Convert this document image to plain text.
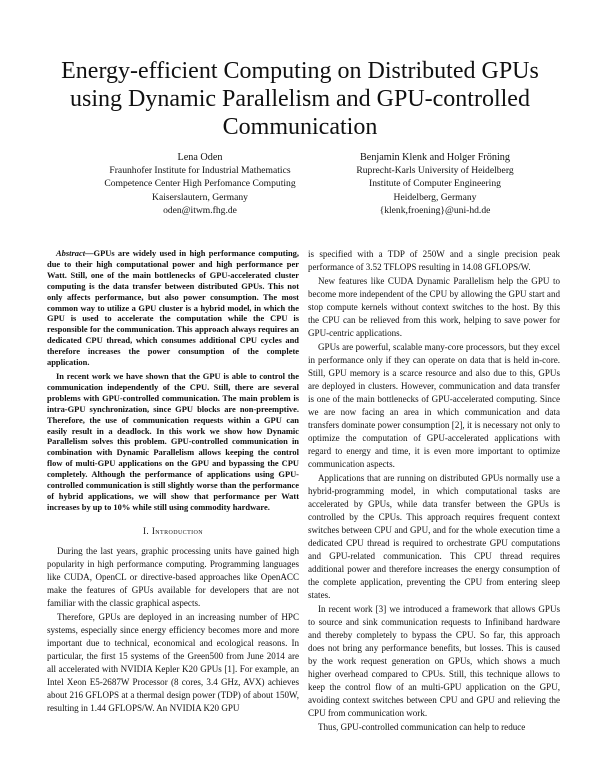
Energy-efficient Computing on Distributed GPUs using Dynamic Parallelism and GPU-controlled Communication
Lena Oden
Fraunhofer Institute for Industrial Mathematics
Competence Center High Perfomance Computing
Kaiserslautern, Germany
oden@itwm.fhg.de
Benjamin Klenk and Holger Fröning
Ruprecht-Karls University of Heidelberg
Institute of Computer Engineering
Heidelberg, Germany
{klenk,froening}@uni-hd.de

Abstract—GPUs are widely used in high performance computing, due to their high computational power and high performance per Watt. Still, one of the main bottlenecks of GPU-accelerated cluster computing is the data transfer between distributed GPUs. This not only affects performance, but also power consumption. The most common way to utilize a GPU cluster is a hybrid model, in which the GPU is used to accelerate the computation while the CPU is responsible for the communication. This approach always requires an dedicated CPU thread, which consumes additional CPU cycles and therefore increases the power consumption of the complete application.

In recent work we have shown that the GPU is able to control the communication independently of the CPU. Still, there are several problems with GPU-controlled communication. The main problem is intra-GPU synchronization, since GPU blocks are non-preemptive. Therefore, the use of communication requests within a GPU can easily result in a deadlock. In this work we show how Dynamic Parallelism solves this problem. GPU-controlled communication in combination with Dynamic Parallelism allows keeping the control flow of multi-GPU applications on the GPU and bypassing the CPU completely. Although the performance of applications using GPU-controlled communication is still slightly worse than the performance of hybrid applications, we will show that performance per Watt increases by up to 10% while still using commodity hardware.

I. Introduction

During the last years, graphic processing units have gained high popularity in high performance computing. Programming languages like CUDA, OpenCL or directive-based approaches like OpenACC make the features of GPUs available for developers that are not familiar with the classic graphical aspects.

Therefore, GPUs are deployed in an increasing number of HPC systems, especially since energy efficiency becomes more and more important due to technical, economical and ecological reasons. In particular, the first 15 systems of the Green500 from June 2014 are all accelerated with NVIDIA Kepler K20 GPUs [1]. For example, an Intel Xeon E5-2687W Processor (8 cores, 3.4 GHz, AVX) achieves about 216 GFLOPS at a thermal design power (TDP) of about 150W, resulting in 1.44 GFLOPS/W. An NVIDIA K20 GPU

is specified with a TDP of 250W and a single precision peak performance of 3.52 TFLOPS resulting in 14.08 GFLOPS/W.

New features like CUDA Dynamic Parallelism help the GPU to become more independent of the CPU by allowing the GPU start and stop compute kernels without context switches to the host. By this the CPU can be relieved from this work, helping to save power for GPU-centric applications.

GPUs are powerful, scalable many-core processors, but they excel in performance only if they can operate on data that is held in-core. Still, GPU memory is a scarce resource and also due to this, GPUs are deployed in clusters. However, communication and data transfer is one of the main bottlenecks of GPU-accelerated computing. Since we are now facing an area in which communication and data transfers dominate power consumption [2], it is necessary not only to optimize the computation of GPU-accelerated applications with regard to energy and time, it is even more important to optimize communication aspects.

Applications that are running on distributed GPUs normally use a hybrid-programming model, in which computational tasks are accelerated by GPUs, while data transfer between the GPUs is controlled by the CPUs. This approach requires frequent context switches between CPU and GPU, and for the whole execution time a dedicated CPU thread is required to orchestrate GPU computations and GPU-related communication. This CPU thread requires additional power and therefore increases the energy consumption of the complete application, preventing the CPU from entering sleep states.

In recent work [3] we introduced a framework that allows GPUs to source and sink communication requests to Infiniband hardware and thereby completely to bypass the CPU. So far, this approach does not bring any performance benefits, but losses. This is caused by the work request generation on GPUs, which shows a much higher overhead compared to CPUs. Still, this technique allows to keep the control flow of an multi-GPU application on the GPU, avoiding context switches between CPU and GPU and relieving the CPU from communication work.

Thus, GPU-controlled communication can help to reduce
